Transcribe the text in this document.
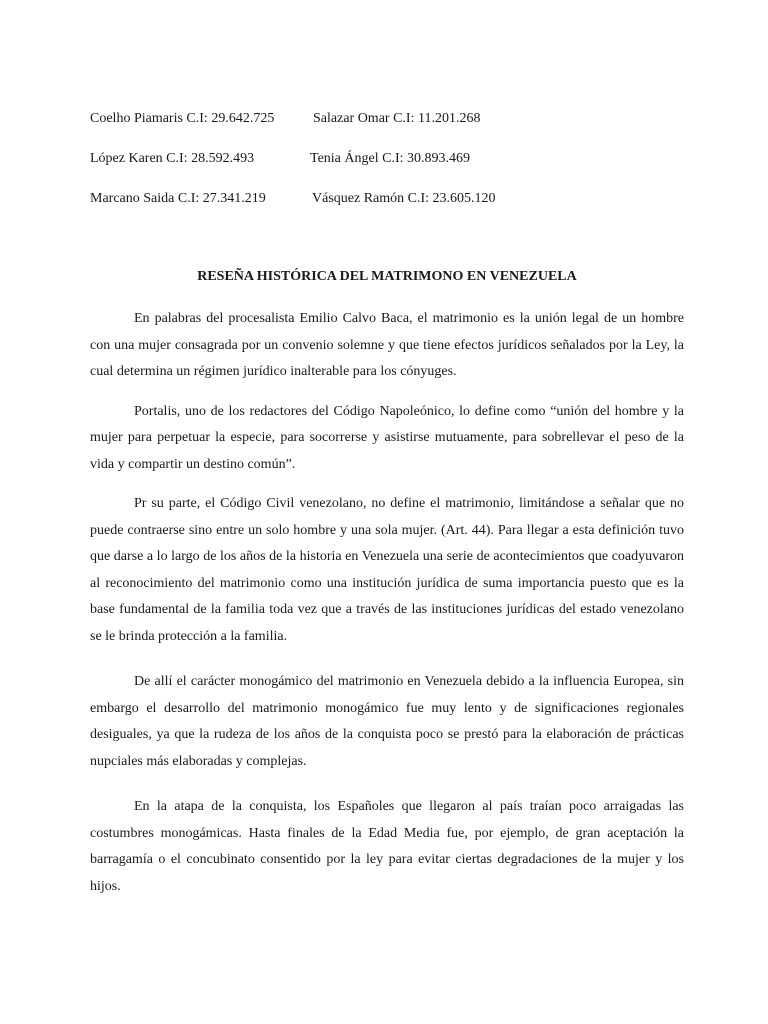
Coelho Piamaris C.I: 29.642.725	Salazar Omar C.I: 11.201.268
López Karen C.I: 28.592.493	Tenia Ángel C.I: 30.893.469
Marcano Saida C.I: 27.341.219	Vásquez Ramón C.I: 23.605.120
RESEÑA HISTÓRICA DEL MATRIMONO EN VENEZUELA

En palabras del procesalista Emilio Calvo Baca, el matrimonio es la unión legal de un hombre con una mujer consagrada por un convenio solemne y que tiene efectos jurídicos señalados por la Ley, la cual determina un régimen jurídico inalterable para los cónyuges.

Portalis, uno de los redactores del Código Napoleónico, lo define como “unión del hombre y la mujer para perpetuar la especie, para socorrerse y asistirse mutuamente, para sobrellevar el peso de la vida y compartir un destino común”.

Pr su parte, el Código Civil venezolano, no define el matrimonio, limitándose a señalar que no puede contraerse sino entre un solo hombre y una sola mujer. (Art. 44). Para llegar a esta definición tuvo que darse a lo largo de los años de la historia en Venezuela una serie de acontecimientos que coadyuvaron al reconocimiento del matrimonio como una institución jurídica de suma importancia puesto que es la base fundamental de la familia toda vez que a través de las instituciones jurídicas del estado venezolano se le brinda protección a la familia.

De allí el carácter monogámico del matrimonio en Venezuela debido a la influencia Europea, sin embargo el desarrollo del matrimonio monogámico fue muy lento y de significaciones regionales desiguales, ya que la rudeza de los años de la conquista poco se prestó para la elaboración de prácticas nupciales más elaboradas y complejas.

En la atapa de la conquista, los Españoles que llegaron al país traían poco arraigadas las costumbres monogámicas. Hasta finales de la Edad Media fue, por ejemplo, de gran aceptación la barragamía o el concubinato consentido por la ley para evitar ciertas degradaciones de la mujer y los hijos.
